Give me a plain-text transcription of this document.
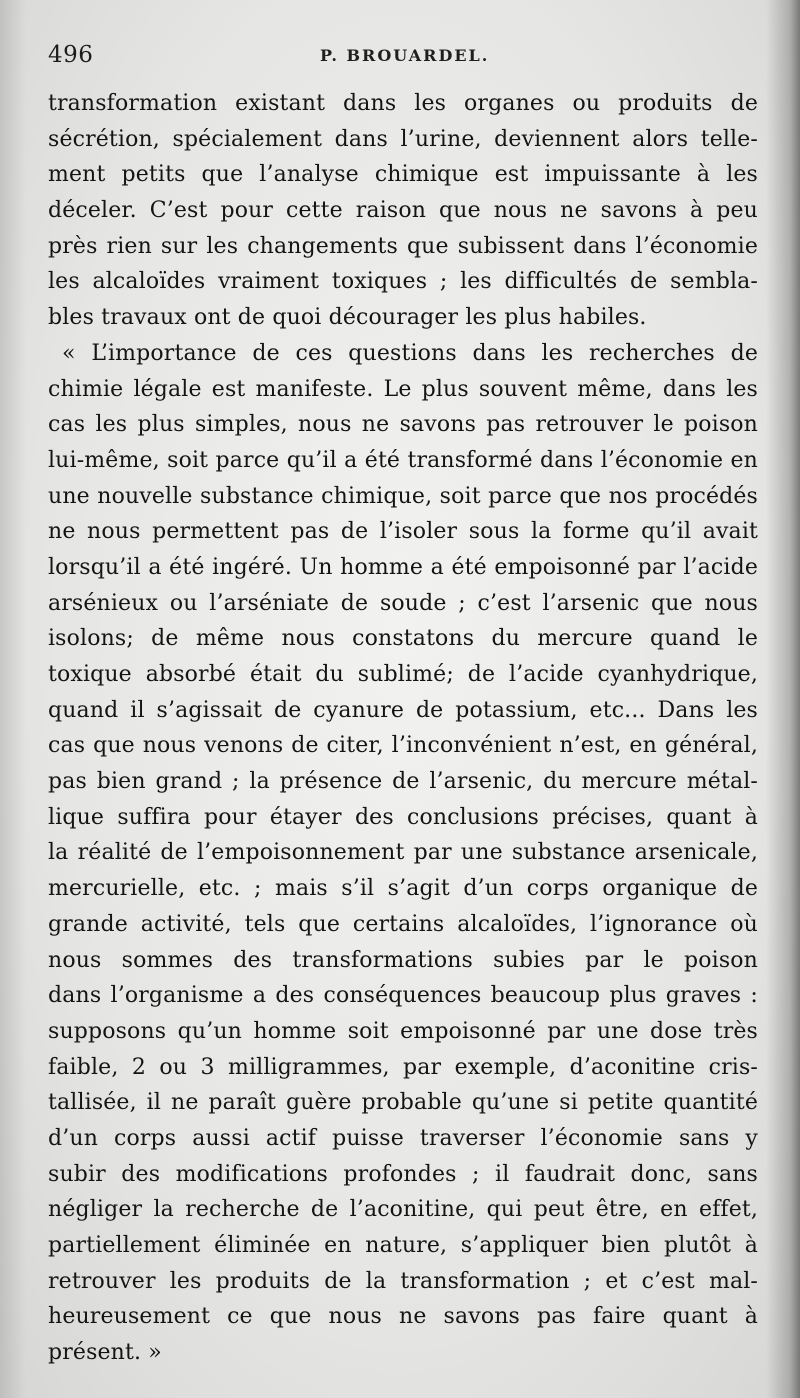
496	P. BROUARDEL.
transformation existant dans les organes ou produits de
sécrétion, spécialement dans l’urine, deviennent alors telle-
ment petits que l’analyse chimique est impuissante à les
déceler. C’est pour cette raison que nous ne savons à peu
près rien sur les changements que subissent dans l’économie
les alcaloïdes vraiment toxiques ; les difficultés de sembla-
bles travaux ont de quoi décourager les plus habiles.
« L’importance de ces questions dans les recherches de
chimie légale est manifeste. Le plus souvent même, dans les
cas les plus simples, nous ne savons pas retrouver le poison
lui-même, soit parce qu’il a été transformé dans l’économie en
une nouvelle substance chimique, soit parce que nos procédés
ne nous permettent pas de l’isoler sous la forme qu’il avait
lorsqu’il a été ingéré. Un homme a été empoisonné par l’acide
arsénieux ou l’arséniate de soude ; c’est l’arsenic que nous
isolons; de même nous constatons du mercure quand le
toxique absorbé était du sublimé; de l’acide cyanhydrique,
quand il s’agissait de cyanure de potassium, etc... Dans les
cas que nous venons de citer, l’inconvénient n’est, en général,
pas bien grand ; la présence de l’arsenic, du mercure métal-
lique suffira pour étayer des conclusions précises, quant à
la réalité de l’empoisonnement par une substance arsenicale,
mercurielle, etc. ; mais s’il s’agit d’un corps organique de
grande activité, tels que certains alcaloïdes, l’ignorance où
nous sommes des transformations subies par le poison
dans l’organisme a des conséquences beaucoup plus graves :
supposons qu’un homme soit empoisonné par une dose très
faible, 2 ou 3 milligrammes, par exemple, d’aconitine cris-
tallisée, il ne paraît guère probable qu’une si petite quantité
d’un corps aussi actif puisse traverser l’économie sans y
subir des modifications profondes ; il faudrait donc, sans
négliger la recherche de l’aconitine, qui peut être, en effet,
partiellement éliminée en nature, s’appliquer bien plutôt à
retrouver les produits de la transformation ; et c’est mal-
heureusement ce que nous ne savons pas faire quant à
présent. »
